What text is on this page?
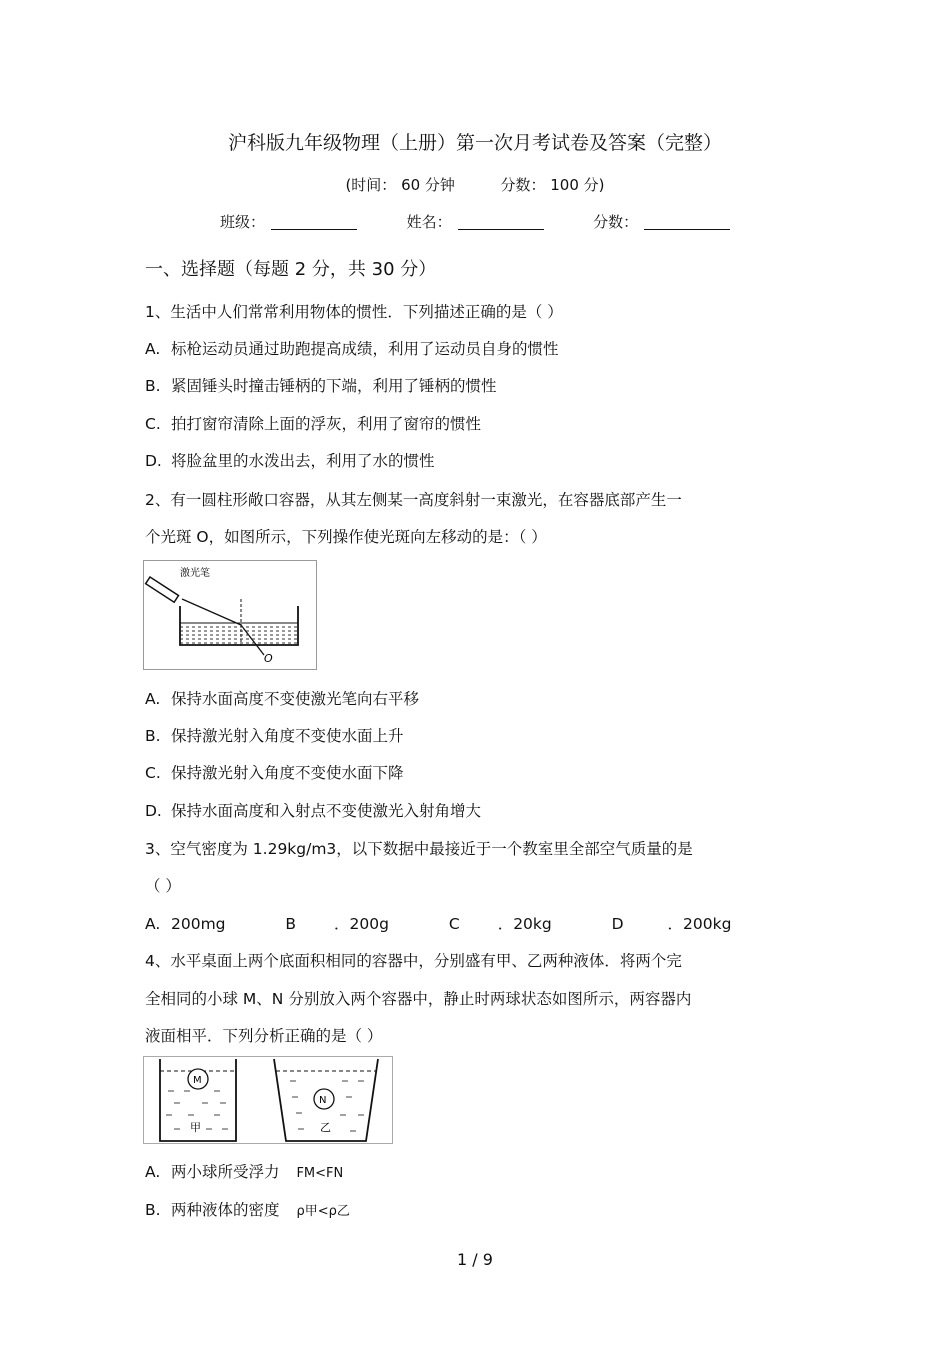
沪科版九年级物理（上册）第一次月考试卷及答案（完整）
(时间： 60 分钟	分数： 100 分)
班级：	姓名：	分数：
一、选择题（每题 2 分，共 30 分）
1、生活中人们常常利用物体的惯性．下列描述正确的是（ ）
A. 标枪运动员通过助跑提高成绩，利用了运动员自身的惯性
B. 紧固锤头时撞击锤柄的下端，利用了锤柄的惯性
C. 拍打窗帘清除上面的浮灰，利用了窗帘的惯性
D. 将脸盆里的水泼出去，利用了水的惯性
2、有一圆柱形敞口容器，从其左侧某一高度斜射一束激光，在容器底部产生一
个光斑 O，如图所示，下列操作使光斑向左移动的是：（ ）
激光笔
O
A. 保持水面高度不变使激光笔向右平移
B. 保持激光射入角度不变使水面上升
C. 保持激光射入角度不变使水面下降
D. 保持水面高度和入射点不变使激光入射角增大
3、空气密度为 1.29kg/m3，以下数据中最接近于一个教室里全部空气质量的是
（ ）
A. 200mg	B ．200g	C ．20kg	D	．200kg
4、水平桌面上两个底面积相同的容器中，分别盛有甲、乙两种液体．将两个完
全相同的小球 M、N 分别放入两个容器中，静止时两球状态如图所示，两容器内
液面相平．下列分析正确的是（ ）
M
甲
N
乙
A. 两小球所受浮力 FM<FN
B. 两种液体的密度 ρ甲<ρ乙
1 / 9
